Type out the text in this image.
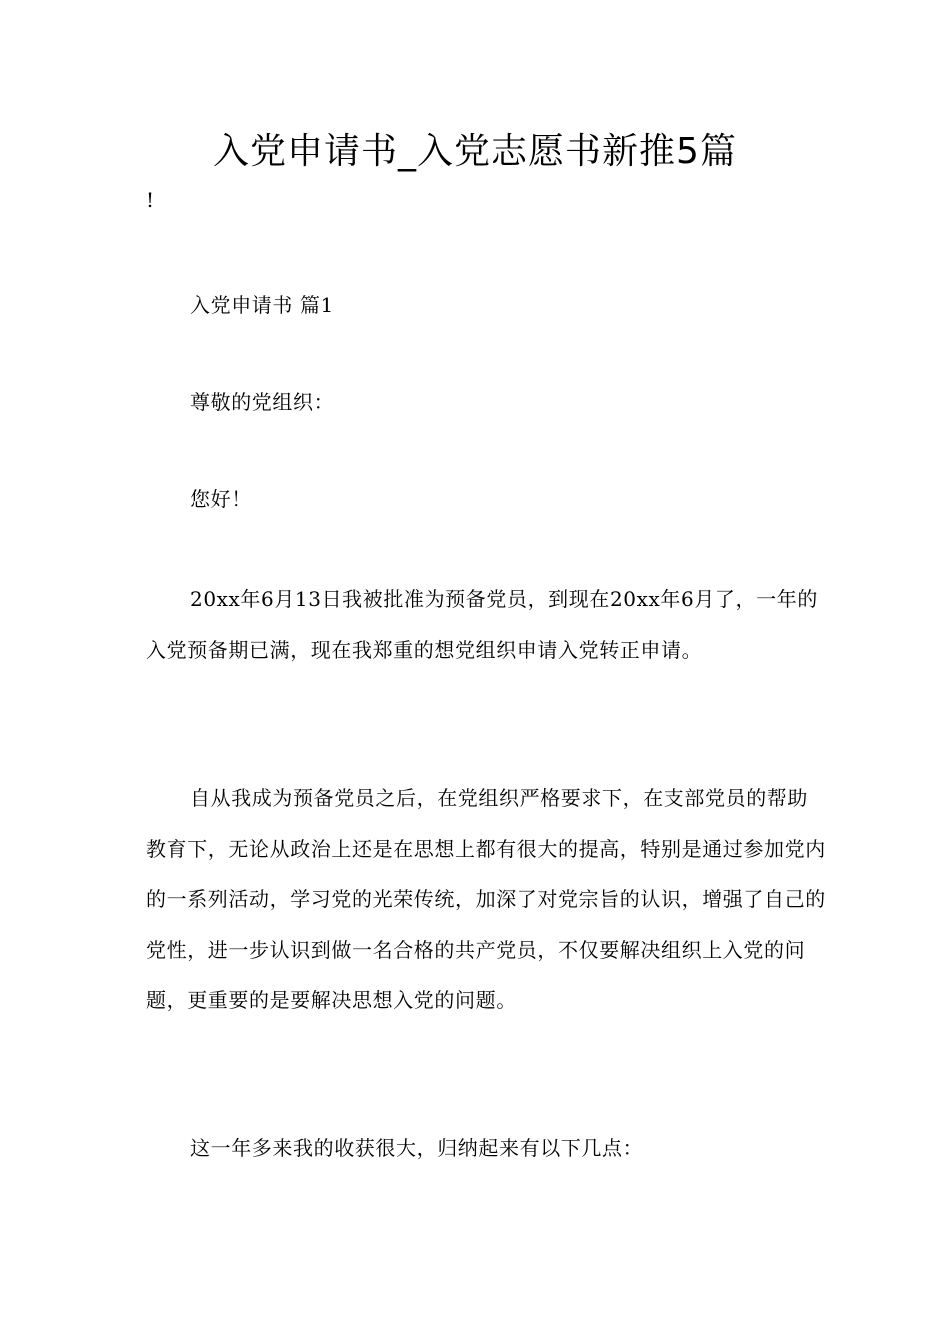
入党申请书_入党志愿书新推5篇
!

入党申请书 篇1

尊敬的党组织：

您好！

20xx年6月13日我被批准为预备党员，到现在20xx年6月了，一年的入党预备期已满，现在我郑重的想党组织申请入党转正申请。

自从我成为预备党员之后，在党组织严格要求下，在支部党员的帮助教育下，无论从政治上还是在思想上都有很大的提高，特别是通过参加党内的一系列活动，学习党的光荣传统，加深了对党宗旨的认识，增强了自己的党性，进一步认识到做一名合格的共产党员，不仅要解决组织上入党的问题，更重要的是要解决思想入党的问题。

这一年多来我的收获很大，归纳起来有以下几点：
